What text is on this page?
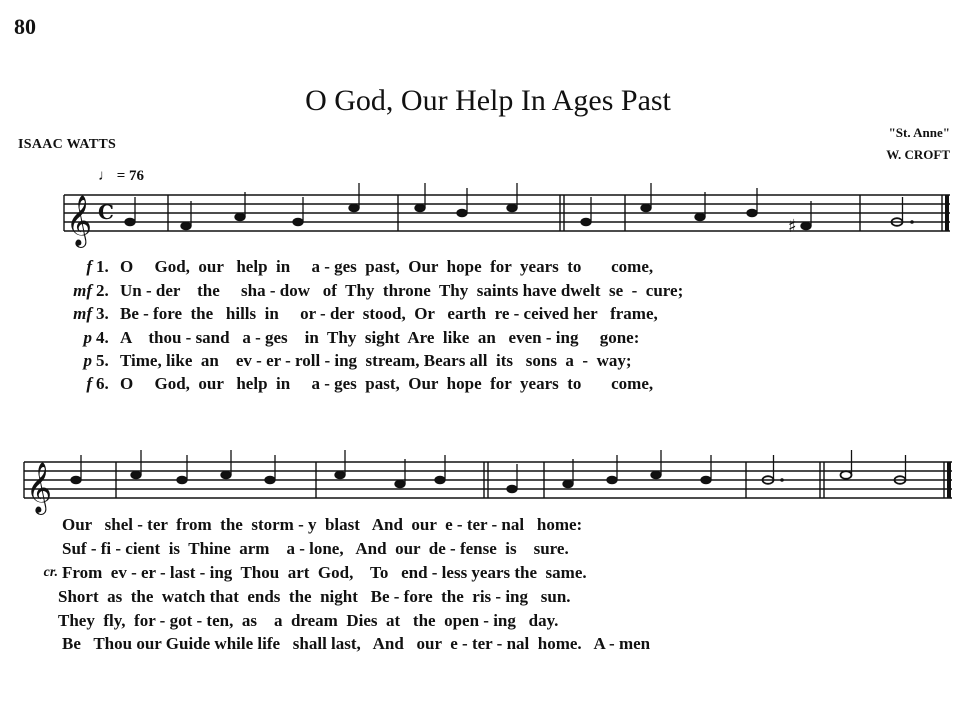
80
O God, Our Help In Ages Past
ISAAC WATTS
"St. Anne"
W. CROFT
♩ = 76
𝄞 C
♯
f 1. O     God,  our   help  in     a - ges  past,  Our  hope  for  years  to       come,
mf 2. Un - der    the     sha - dow   of  Thy  throne  Thy  saints have dwelt  se  -  cure;
mf 3. Be - fore  the   hills  in     or - der  stood,  Or   earth  re - ceived her   frame,
p 4. A    thou - sand   a - ges    in  Thy  sight  Are  like  an   even - ing     gone:
p 5. Time, like  an    ev - er - roll - ing  stream, Bears all  its   sons  a  -  way;
f 6. O     God,  our   help  in     a - ges  past,  Our  hope  for  years  to       come,
𝄞
Our   shel - ter  from  the  storm - y  blast   And  our  e - ter - nal   home:
Suf - fi - cient  is  Thine  arm    a - lone,   And  our  de - fense  is    sure.
cr. From  ev - er - last - ing  Thou  art  God,    To   end - less years the  same.
Short  as  the  watch that  ends  the  night   Be - fore  the  ris - ing   sun.
They  fly,  for - got - ten,  as    a  dream  Dies  at   the  open - ing   day.
Be   Thou our Guide while life   shall last,   And   our  e - ter - nal  home.   A - men
